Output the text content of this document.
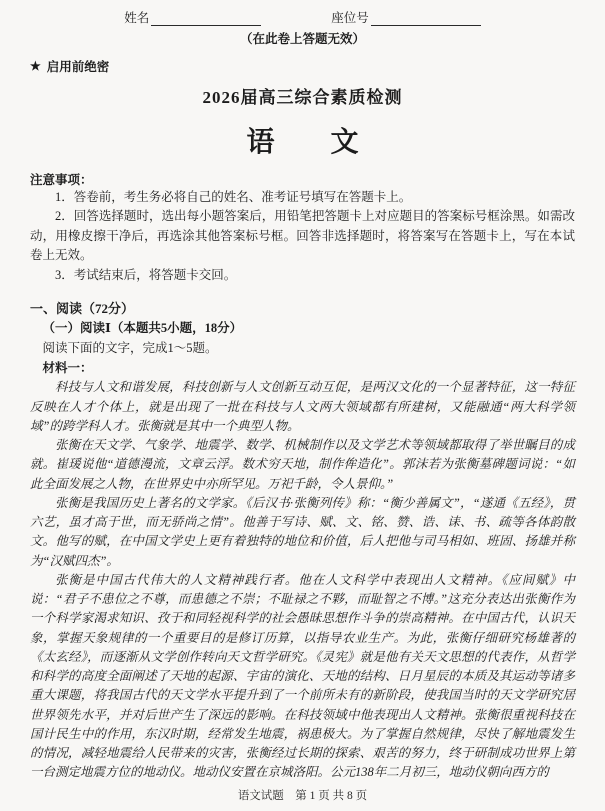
姓名	座位号
（在此卷上答题无效）
★ 启用前绝密
2026届高三综合素质检测
语　文
注意事项：
1．答卷前，考生务必将自己的姓名、准考证号填写在答题卡上。
2．回答选择题时，选出每小题答案后，用铅笔把答题卡上对应题目的答案标号框涂黑。如需改动，用橡皮擦干净后，再选涂其他答案标号框。回答非选择题时，将答案写在答题卡上，写在本试卷上无效。
3．考试结束后，将答题卡交回。
一、阅读（72分）
（一）阅读Ⅰ（本题共5小题，18分）
阅读下面的文字，完成1～5题。
材料一：
科技与人文和谐发展，科技创新与人文创新互动互促，是两汉文化的一个显著特征，这一特征反映在人才个体上，就是出现了一批在科技与人文两大领域都有所建树，又能融通“两大科学领域”的跨学科人才。张衡就是其中一个典型人物。
张衡在天文学、气象学、地震学、数学、机械制作以及文学艺术等领域都取得了举世瞩目的成就。崔瑗说他“道德漫流，文章云浮。数术穷天地，制作侔造化”。郭沫若为张衡墓碑题词说：“如此全面发展之人物，在世界史中亦所罕见。万祀千龄，令人景仰。”
张衡是我国历史上著名的文学家。《后汉书·张衡列传》称：“衡少善属文”，“遂通《五经》，贯六艺，虽才高于世，而无骄尚之情”。他善于写诗、赋、文、铭、赞、诰、诔、书、疏等各体韵散文。他写的赋，在中国文学史上更有着独特的地位和价值，后人把他与司马相如、班固、扬雄并称为“汉赋四杰”。
张衡是中国古代伟大的人文精神践行者。他在人文科学中表现出人文精神。《应间赋》中说：“君子不患位之不尊，而患德之不崇；不耻禄之不夥，而耻智之不博。”这充分表达出张衡作为一个科学家渴求知识、孜于和同轻视科学的社会愚昧思想作斗争的崇高精神。在中国古代，认识天象，掌握天象规律的一个重要目的是修订历算，以指导农业生产。为此，张衡仔细研究杨雄著的《太玄经》，而逐渐从文学创作转向天文哲学研究。《灵宪》就是他有关天文思想的代表作，从哲学和科学的高度全面阐述了天地的起源、宇宙的演化、天地的结构、日月星辰的本质及其运动等诸多重大课题，将我国古代的天文学水平提升到了一个前所未有的新阶段，使我国当时的天文学研究居世界领先水平，并对后世产生了深远的影响。在科技领域中他表现出人文精神。张衡很重视科技在国计民生中的作用，东汉时期，经常发生地震，祸患极大。为了掌握自然规律，尽快了解地震发生的情况，减轻地震给人民带来的灾害，张衡经过长期的探索、艰苦的努力，终于研制成功世界上第一台测定地震方位的地动仪。地动仪安置在京城洛阳。公元138年二月初三，地动仪朝向西方的
语文试题　第 1 页 共 8 页
